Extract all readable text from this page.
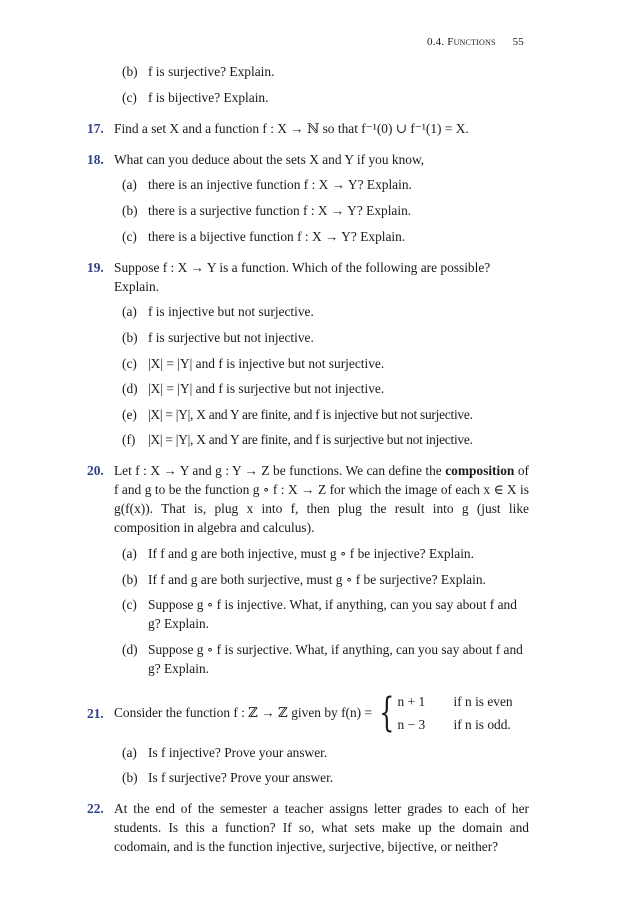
0.4. Functions 55
(b) f is surjective? Explain.
(c) f is bijective? Explain.
17. Find a set X and a function f : X → ℕ so that f⁻¹(0) ∪ f⁻¹(1) = X.
18. What can you deduce about the sets X and Y if you know,
(a) there is an injective function f : X → Y? Explain.
(b) there is a surjective function f : X → Y? Explain.
(c) there is a bijective function f : X → Y? Explain.
19. Suppose f : X → Y is a function. Which of the following are possible? Explain.
(a) f is injective but not surjective.
(b) f is surjective but not injective.
(c) |X| = |Y| and f is injective but not surjective.
(d) |X| = |Y| and f is surjective but not injective.
(e) |X| = |Y|, X and Y are finite, and f is injective but not surjective.
(f) |X| = |Y|, X and Y are finite, and f is surjective but not injective.
20. Let f : X → Y and g : Y → Z be functions. We can define the composition of f and g to be the function g ∘ f : X → Z for which the image of each x ∈ X is g(f(x)). That is, plug x into f, then plug the result into g (just like composition in algebra and calculus).
(a) If f and g are both injective, must g ∘ f be injective? Explain.
(b) If f and g are both surjective, must g ∘ f be surjective? Explain.
(c) Suppose g ∘ f is injective. What, if anything, can you say about f and g? Explain.
(d) Suppose g ∘ f is surjective. What, if anything, can you say about f and g? Explain.
21. Consider the function f : ℤ → ℤ given by f(n) = { n + 1	if n is even
n − 3	if n is odd.
(a) Is f injective? Prove your answer.
(b) Is f surjective? Prove your answer.
22. At the end of the semester a teacher assigns letter grades to each of her students. Is this a function? If so, what sets make up the domain and codomain, and is the function injective, surjective, bijective, or neither?
